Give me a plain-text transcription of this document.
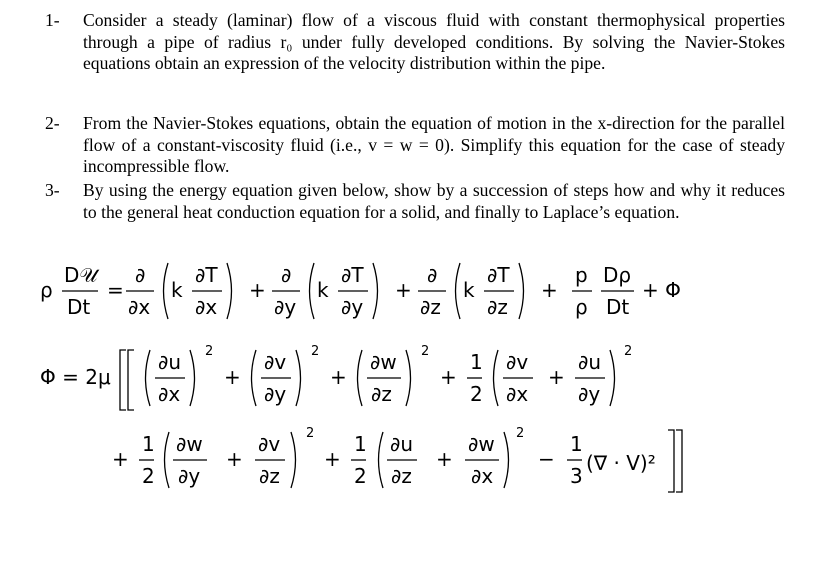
1- Consider a steady (laminar) flow of a viscous fluid with constant thermophysical properties through a pipe of radius r₀ under fully developed conditions. By solving the Navier-Stokes equations obtain an expression of the velocity distribution within the pipe.
2- From the Navier-Stokes equations, obtain the equation of motion in the x-direction for the parallel flow of a constant-viscosity fluid (i.e., v = w = 0). Simplify this equation for the case of steady incompressible flow.
3- By using the energy equation given below, show by a succession of steps how and why it reduces to the general heat conduction equation for a solid, and finally to Laplace’s equation.
ρ
D𝒰
Dt
=
∂
∂x
k
∂T
∂x
+
∂
∂y
k
∂T
∂y
+
∂
∂z
k
∂T
∂z
+
p
ρ
Dρ
Dt
+ Φ
Φ = 2μ
∂u
∂x
2
+
∂v
∂y
2
+
∂w
∂z
2
+
1
2
∂v
∂x
+
∂u
∂y
2
+
1
2
∂w
∂y
+
∂v
∂z
2
+
1
2
∂u
∂z
+
∂w
∂x
2
−
1
3
(∇ · V)²
